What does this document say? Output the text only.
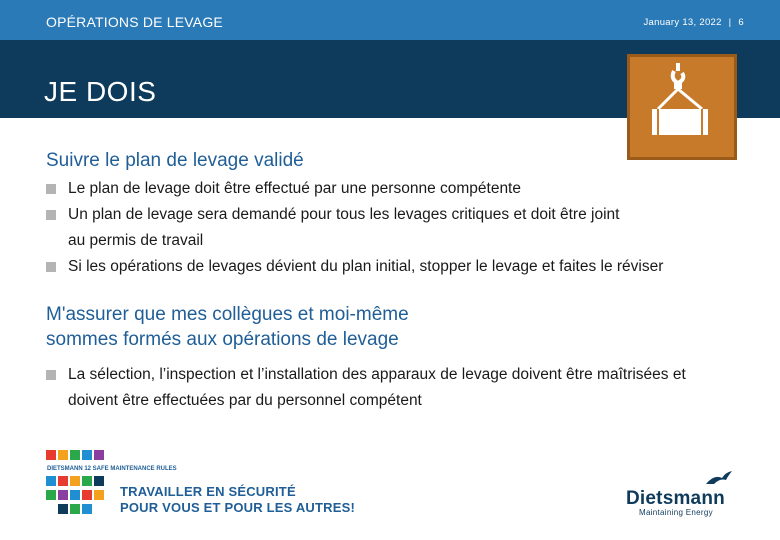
OPÉRATIONS DE LEVAGE	January 13, 2022 | 6
JE DOIS
Suivre le plan de levage validé
Le plan de levage doit être effectué par une personne compétente
Un plan de levage sera demandé pour tous les levages critiques et doit être joint au permis de travail
Si les opérations de levages dévient du plan initial, stopper le levage et faites le réviser
M'assurer que mes collègues et moi-même
sommes formés aux opérations de levage
La sélection, l’inspection et l’installation des apparaux de levage doivent être maîtrisées et doivent être effectuées par du personnel compétent
DIETSMANN 12 SAFE MAINTENANCE RULES
TRAVAILLER EN SÉCURITÉ
POUR VOUS ET POUR LES AUTRES!	Dietsmann
Maintaining Energy
